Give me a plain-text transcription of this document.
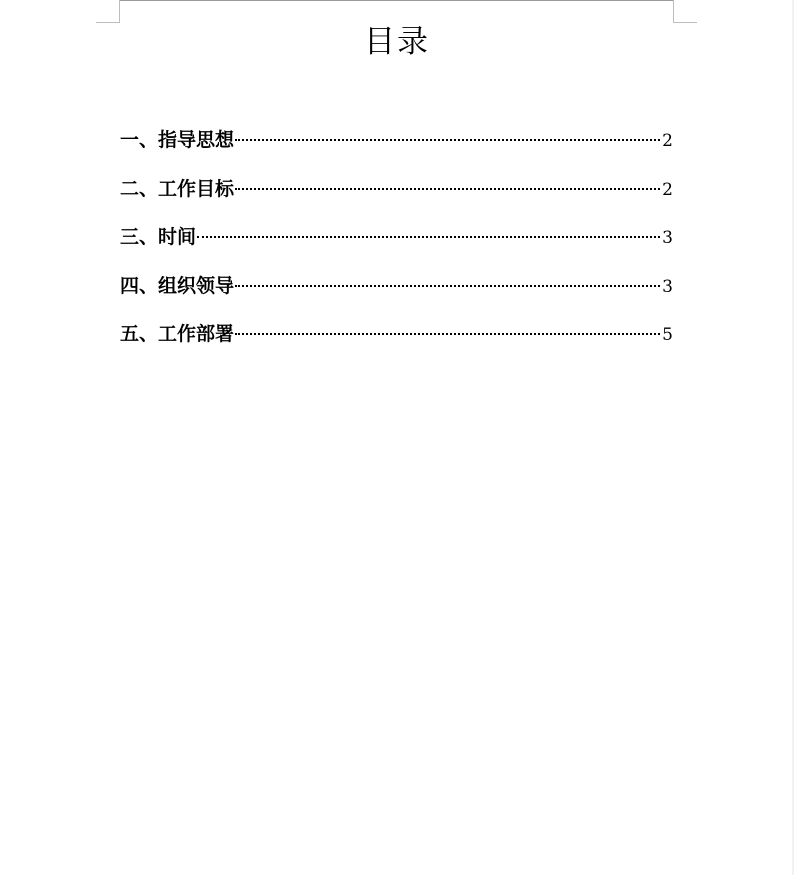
目录
一、指导思想	2
二、工作目标	2
三、时间	3
四、组织领导	3
五、工作部署	5
